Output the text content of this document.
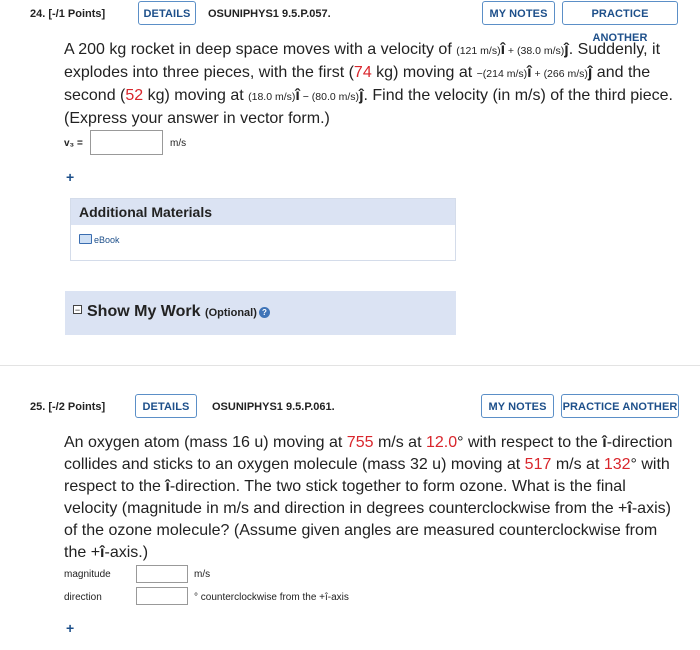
24. [-/1 Points]	DETAILS	OSUNIPHYS1 9.5.P.057.	MY NOTES	PRACTICE ANOTHER
A 200 kg rocket in deep space moves with a velocity of (121 m/s)î + (38.0 m/s)ĵ. Suddenly, it explodes into three pieces, with the first (74 kg) moving at −(214 m/s)î + (266 m/s)ĵ and the second (52 kg) moving at (18.0 m/s)î − (80.0 m/s)ĵ. Find the velocity (in m/s) of the third piece. (Express your answer in vector form.)
v₃ =	m/s
+
Additional Materials
eBook
− Show My Work (Optional) ?
25. [-/2 Points]	DETAILS	OSUNIPHYS1 9.5.P.061.	MY NOTES	PRACTICE ANOTHER
An oxygen atom (mass 16 u) moving at 755 m/s at 12.0° with respect to the î-direction collides and sticks to an oxygen molecule (mass 32 u) moving at 517 m/s at 132° with respect to the î-direction. The two stick together to form ozone. What is the final velocity (magnitude in m/s and direction in degrees counterclockwise from the +î-axis) of the ozone molecule? (Assume given angles are measured counterclockwise from the +î-axis.)
magnitude	m/s
direction	° counterclockwise from the +î-axis
+
